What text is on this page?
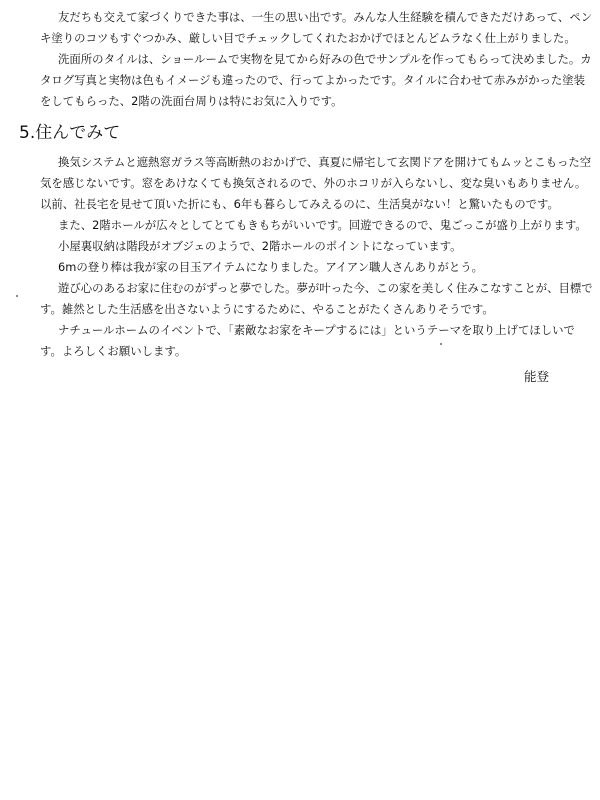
友だちも交えて家づくりできた事は、一生の思い出です。みんな人生経験を積んできただけあって、ペン
キ塗りのコツもすぐつかみ、厳しい目でチェックしてくれたおかげでほとんどムラなく仕上がりました。
洗面所のタイルは、ショールームで実物を見てから好みの色でサンプルを作ってもらって決めました。カ
タログ写真と実物は色もイメージも違ったので、行ってよかったです。タイルに合わせて赤みがかった塗装
をしてもらった、2階の洗面台周りは特にお気に入りです。
5.住んでみて
換気システムと遮熱窓ガラス等高断熱のおかげで、真夏に帰宅して玄関ドアを開けてもムッとこもった空
気を感じないです。窓をあけなくても換気されるので、外のホコリが入らないし、変な臭いもありません。
以前、社長宅を見せて頂いた折にも、6年も暮らしてみえるのに、生活臭がない！と驚いたものです。
また、2階ホールが広々としてとてもきもちがいいです。回遊できるので、鬼ごっこが盛り上がります。
小屋裏収納は階段がオブジェのようで、2階ホールのポイントになっています。
6mの登り棒は我が家の目玉アイテムになりました。アイアン職人さんありがとう。
遊び心のあるお家に住むのがずっと夢でした。夢が叶った今、この家を美しく住みこなすことが、目標で
す。雑然とした生活感を出さないようにするために、やることがたくさんありそうです。
ナチュールホームのイベントで、「素敵なお家をキープするには」というテーマを取り上げてほしいで
す。よろしくお願いします。
能登
